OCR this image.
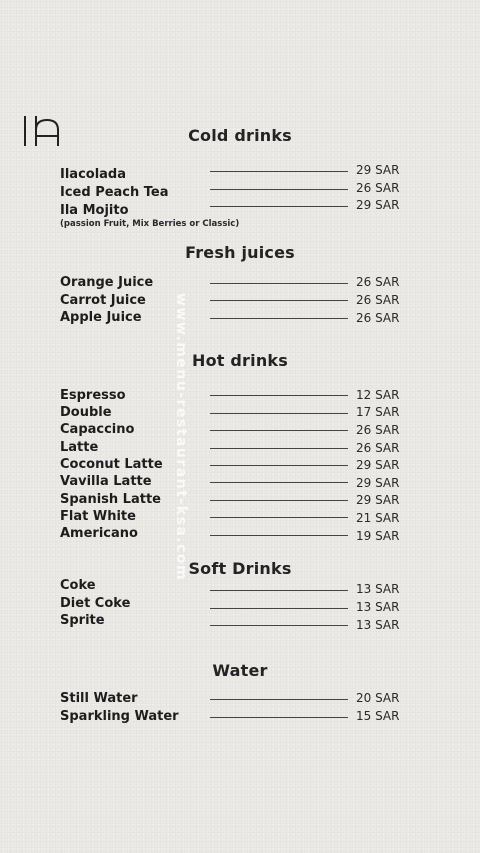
www.menu-restaurant-ksa.com
Cold drinks
Ilacolada	29 SAR
Iced Peach Tea	26 SAR
Ila Mojito	29 SAR
(passion Fruit, Mix Berries or Classic)
Fresh juices
Orange Juice	26 SAR
Carrot Juice	26 SAR
Apple Juice	26 SAR
Hot drinks
Espresso	12 SAR
Double	17 SAR
Capaccino	26 SAR
Latte	26 SAR
Coconut Latte	29 SAR
Vavilla Latte	29 SAR
Spanish Latte	29 SAR
Flat White	21 SAR
Americano	19 SAR
Soft Drinks
Coke	13 SAR
Diet Coke	13 SAR
Sprite	13 SAR
Water
Still Water	20 SAR
Sparkling Water	15 SAR
